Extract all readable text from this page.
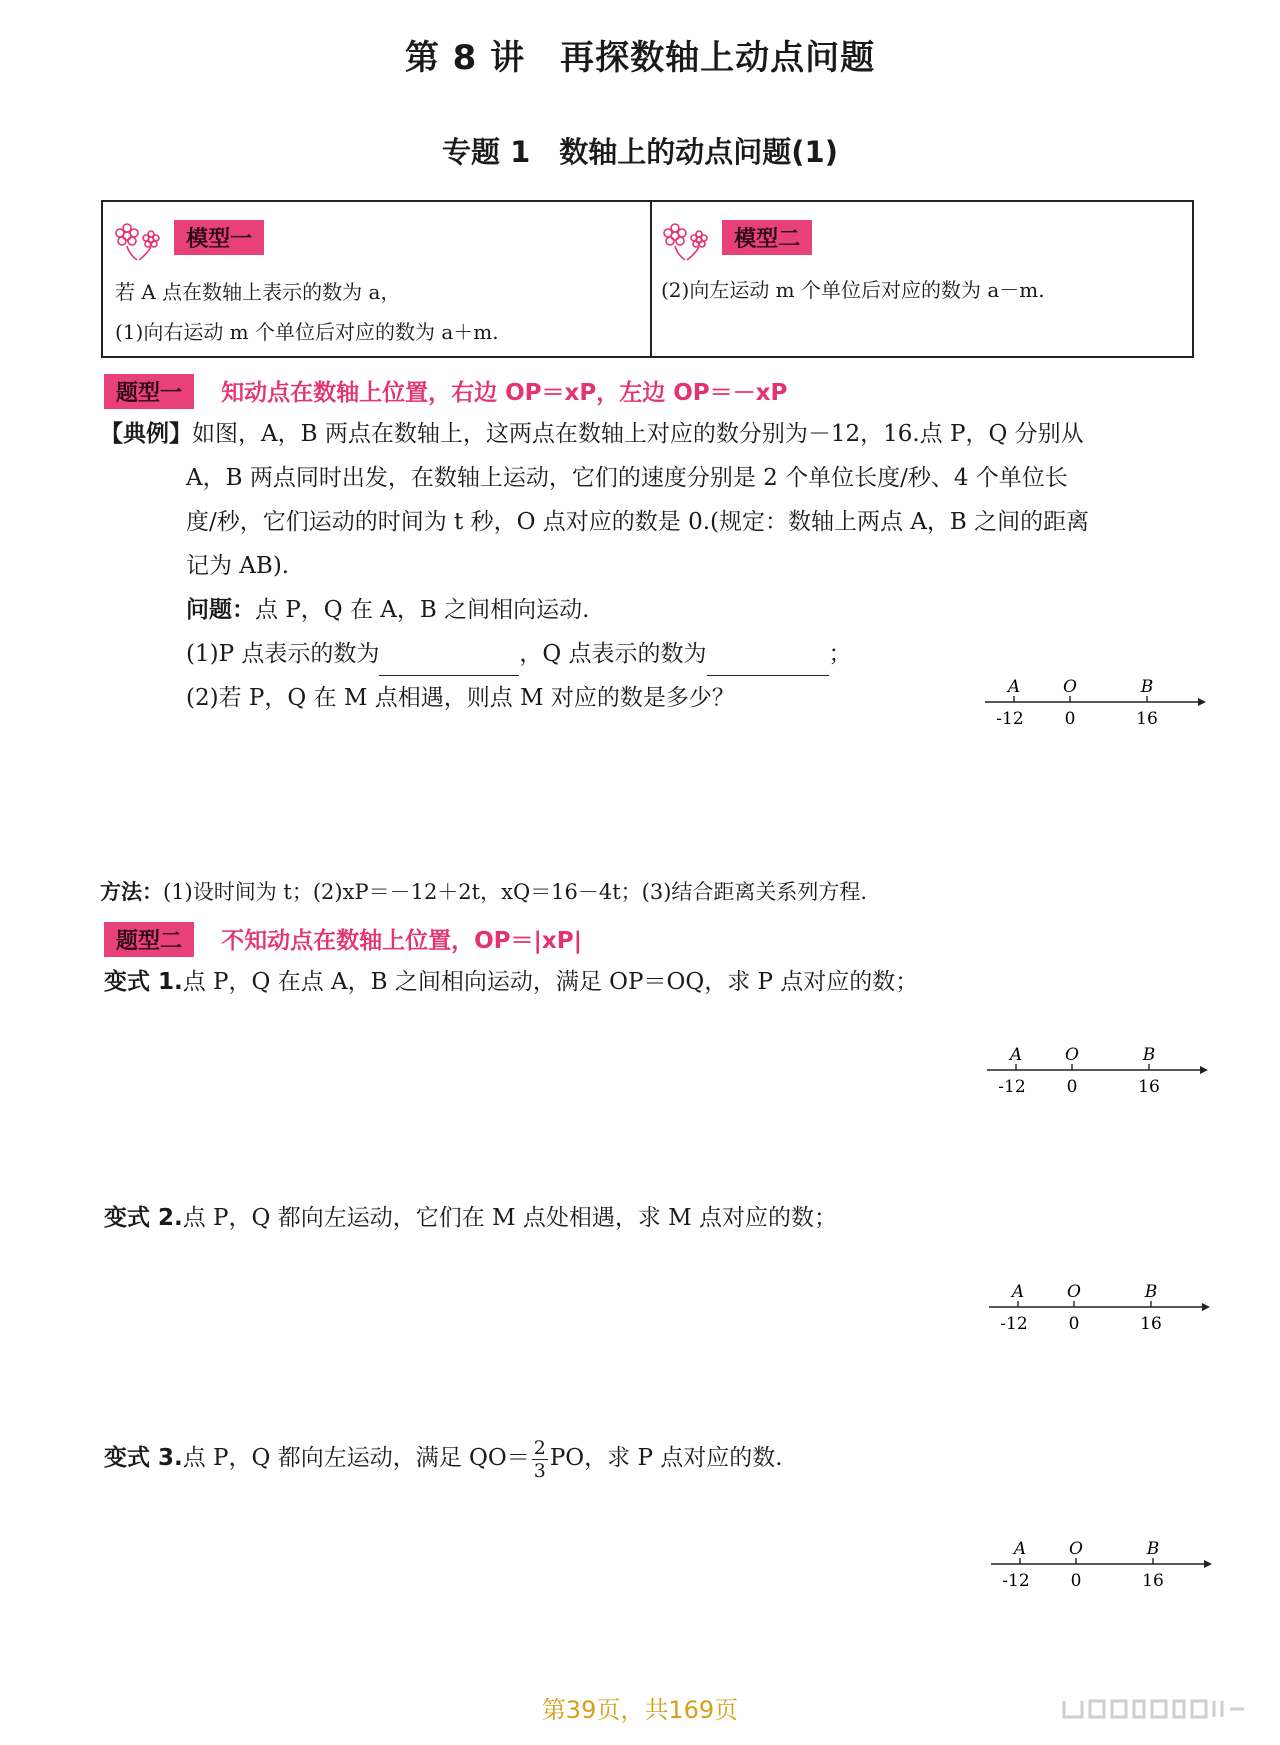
第 8 讲　再探数轴上动点问题
专题 1　数轴上的动点问题(1)
模型一
若 A 点在数轴上表示的数为 a，
(1)向右运动 m 个单位后对应的数为 a＋m.
模型二
(2)向左运动 m 个单位后对应的数为 a－m.
题型一 知动点在数轴上位置，右边 OP＝xP，左边 OP＝－xP
【典例】如图，A，B 两点在数轴上，这两点在数轴上对应的数分别为－12，16.点 P，Q 分别从
A，B 两点同时出发，在数轴上运动，它们的速度分别是 2 个单位长度/秒、4 个单位长
度/秒，它们运动的时间为 t 秒，O 点对应的数是 0.(规定：数轴上两点 A，B 之间的距离
记为 AB).
问题：点 P，Q 在 A，B 之间相向运动.
(1)P 点表示的数为	，Q 点表示的数为	；
(2)若 P，Q 在 M 点相遇，则点 M 对应的数是多少？	A	O	B
-12 0	16
方法：(1)设时间为 t；(2)xP＝－12＋2t，xQ＝16－4t；(3)结合距离关系列方程.
题型二 不知动点在数轴上位置，OP＝|xP|
变式 1.点 P，Q 在点 A，B 之间相向运动，满足 OP＝OQ，求 P 点对应的数；
A	O	B
-12 0	16
变式 2.点 P，Q 都向左运动，它们在 M 点处相遇，求 M 点对应的数；
A	O	B
-12 0	16
变式 3.点 P，Q 都向左运动，满足 $QO= \frac{2}{3}$ PO，求 P 点对应的数.
A	O	B
-12 0	16
第39页，共169页
